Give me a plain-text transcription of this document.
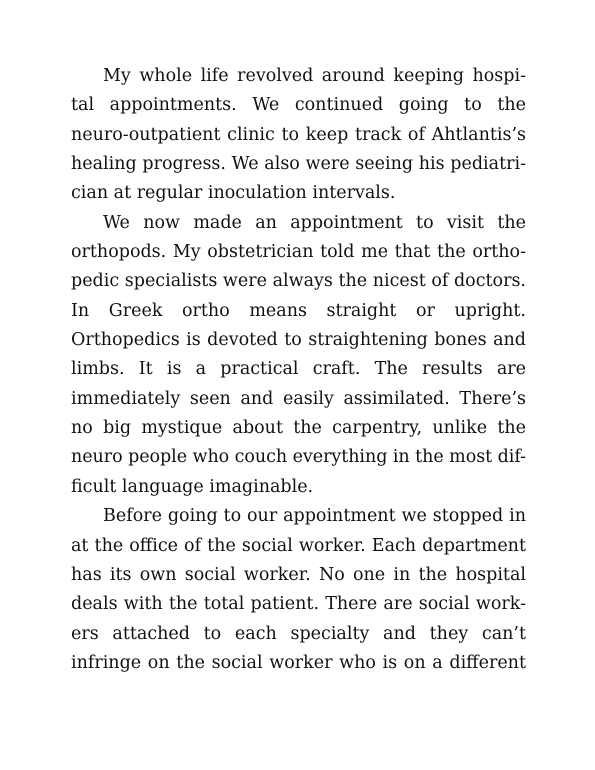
My whole life revolved around keeping hospi-
tal appointments. We continued going to the
neuro-outpatient clinic to keep track of Ahtlantis’s
healing progress. We also were seeing his pediatri-
cian at regular inoculation intervals.
We now made an appointment to visit the
orthopods. My obstetrician told me that the ortho-
pedic specialists were always the nicest of doctors.
In Greek ortho means straight or upright.
Orthopedics is devoted to straightening bones and
limbs. It is a practical craft. The results are
immediately seen and easily assimilated. There’s
no big mystique about the carpentry, unlike the
neuro people who couch everything in the most dif-
ficult language imaginable.
Before going to our appointment we stopped in
at the office of the social worker. Each department
has its own social worker. No one in the hospital
deals with the total patient. There are social work-
ers attached to each specialty and they can’t
infringe on the social worker who is on a different
